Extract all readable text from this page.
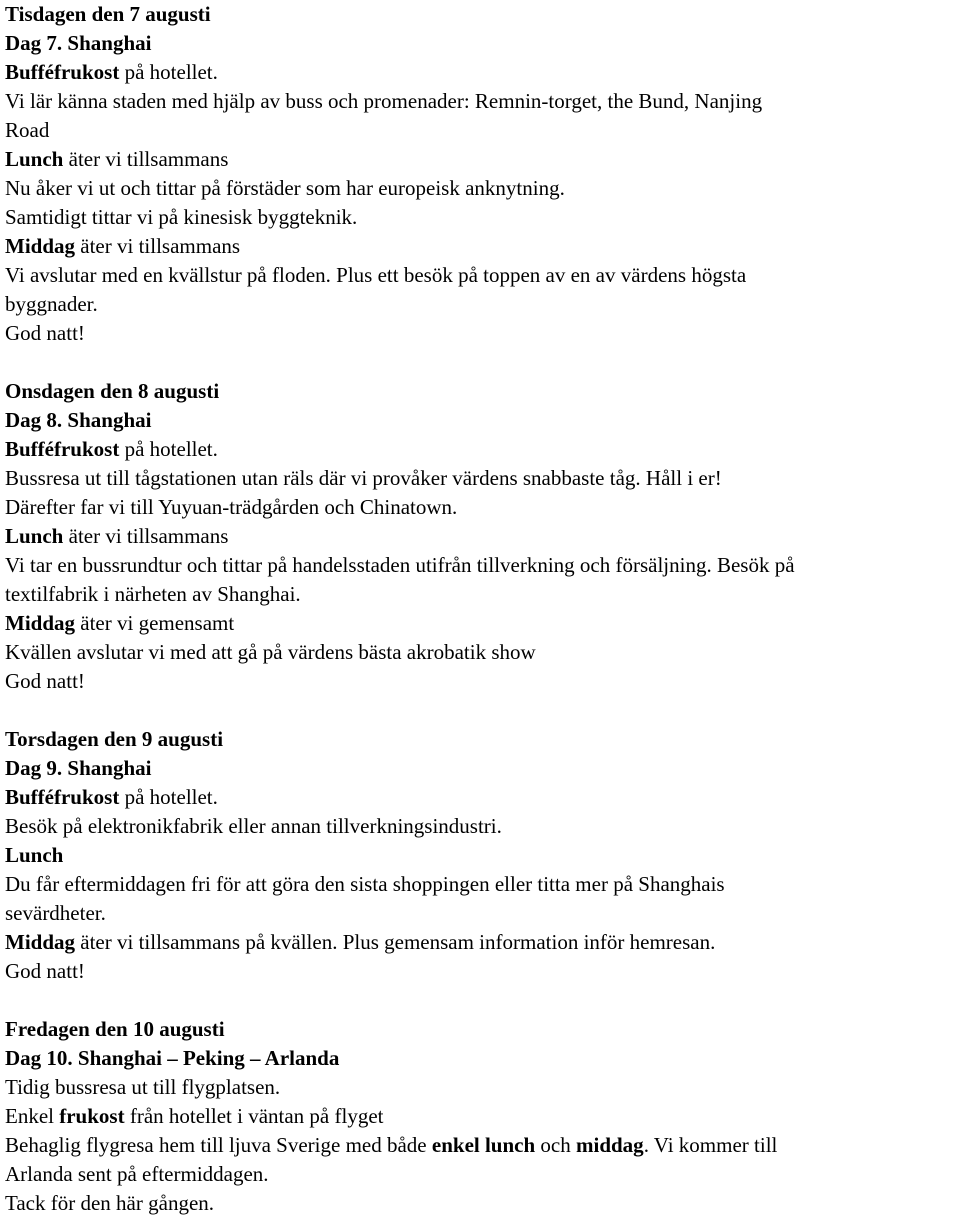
Tisdagen den 7 augusti
Dag 7. Shanghai
Bufféfrukost på hotellet.
Vi lär känna staden med hjälp av buss och promenader: Remnin-torget, the Bund, Nanjing
Road
Lunch äter vi tillsammans
Nu åker vi ut och tittar på förstäder som har europeisk anknytning.
Samtidigt tittar vi på kinesisk byggteknik.
Middag äter vi tillsammans
Vi avslutar med en kvällstur på floden. Plus ett besök på toppen av en av värdens högsta
byggnader.
God natt!
Onsdagen den 8 augusti
Dag 8. Shanghai
Bufféfrukost på hotellet.
Bussresa ut till tågstationen utan räls där vi provåker värdens snabbaste tåg. Håll i er!
Därefter far vi till Yuyuan-trädgården och Chinatown.
Lunch äter vi tillsammans
Vi tar en bussrundtur och tittar på handelsstaden utifrån tillverkning och försäljning. Besök på
textilfabrik i närheten av Shanghai.
Middag äter vi gemensamt
Kvällen avslutar vi med att gå på värdens bästa akrobatik show
God natt!
Torsdagen den 9 augusti
Dag 9. Shanghai
Bufféfrukost på hotellet.
Besök på elektronikfabrik eller annan tillverkningsindustri.
Lunch
Du får eftermiddagen fri för att göra den sista shoppingen eller titta mer på Shanghais
sevärdheter.
Middag äter vi tillsammans på kvällen. Plus gemensam information inför hemresan.
God natt!
Fredagen den 10 augusti
Dag 10. Shanghai – Peking – Arlanda
Tidig bussresa ut till flygplatsen.
Enkel frukost från hotellet i väntan på flyget
Behaglig flygresa hem till ljuva Sverige med både enkel lunch och middag. Vi kommer till
Arlanda sent på eftermiddagen.
Tack för den här gången.
